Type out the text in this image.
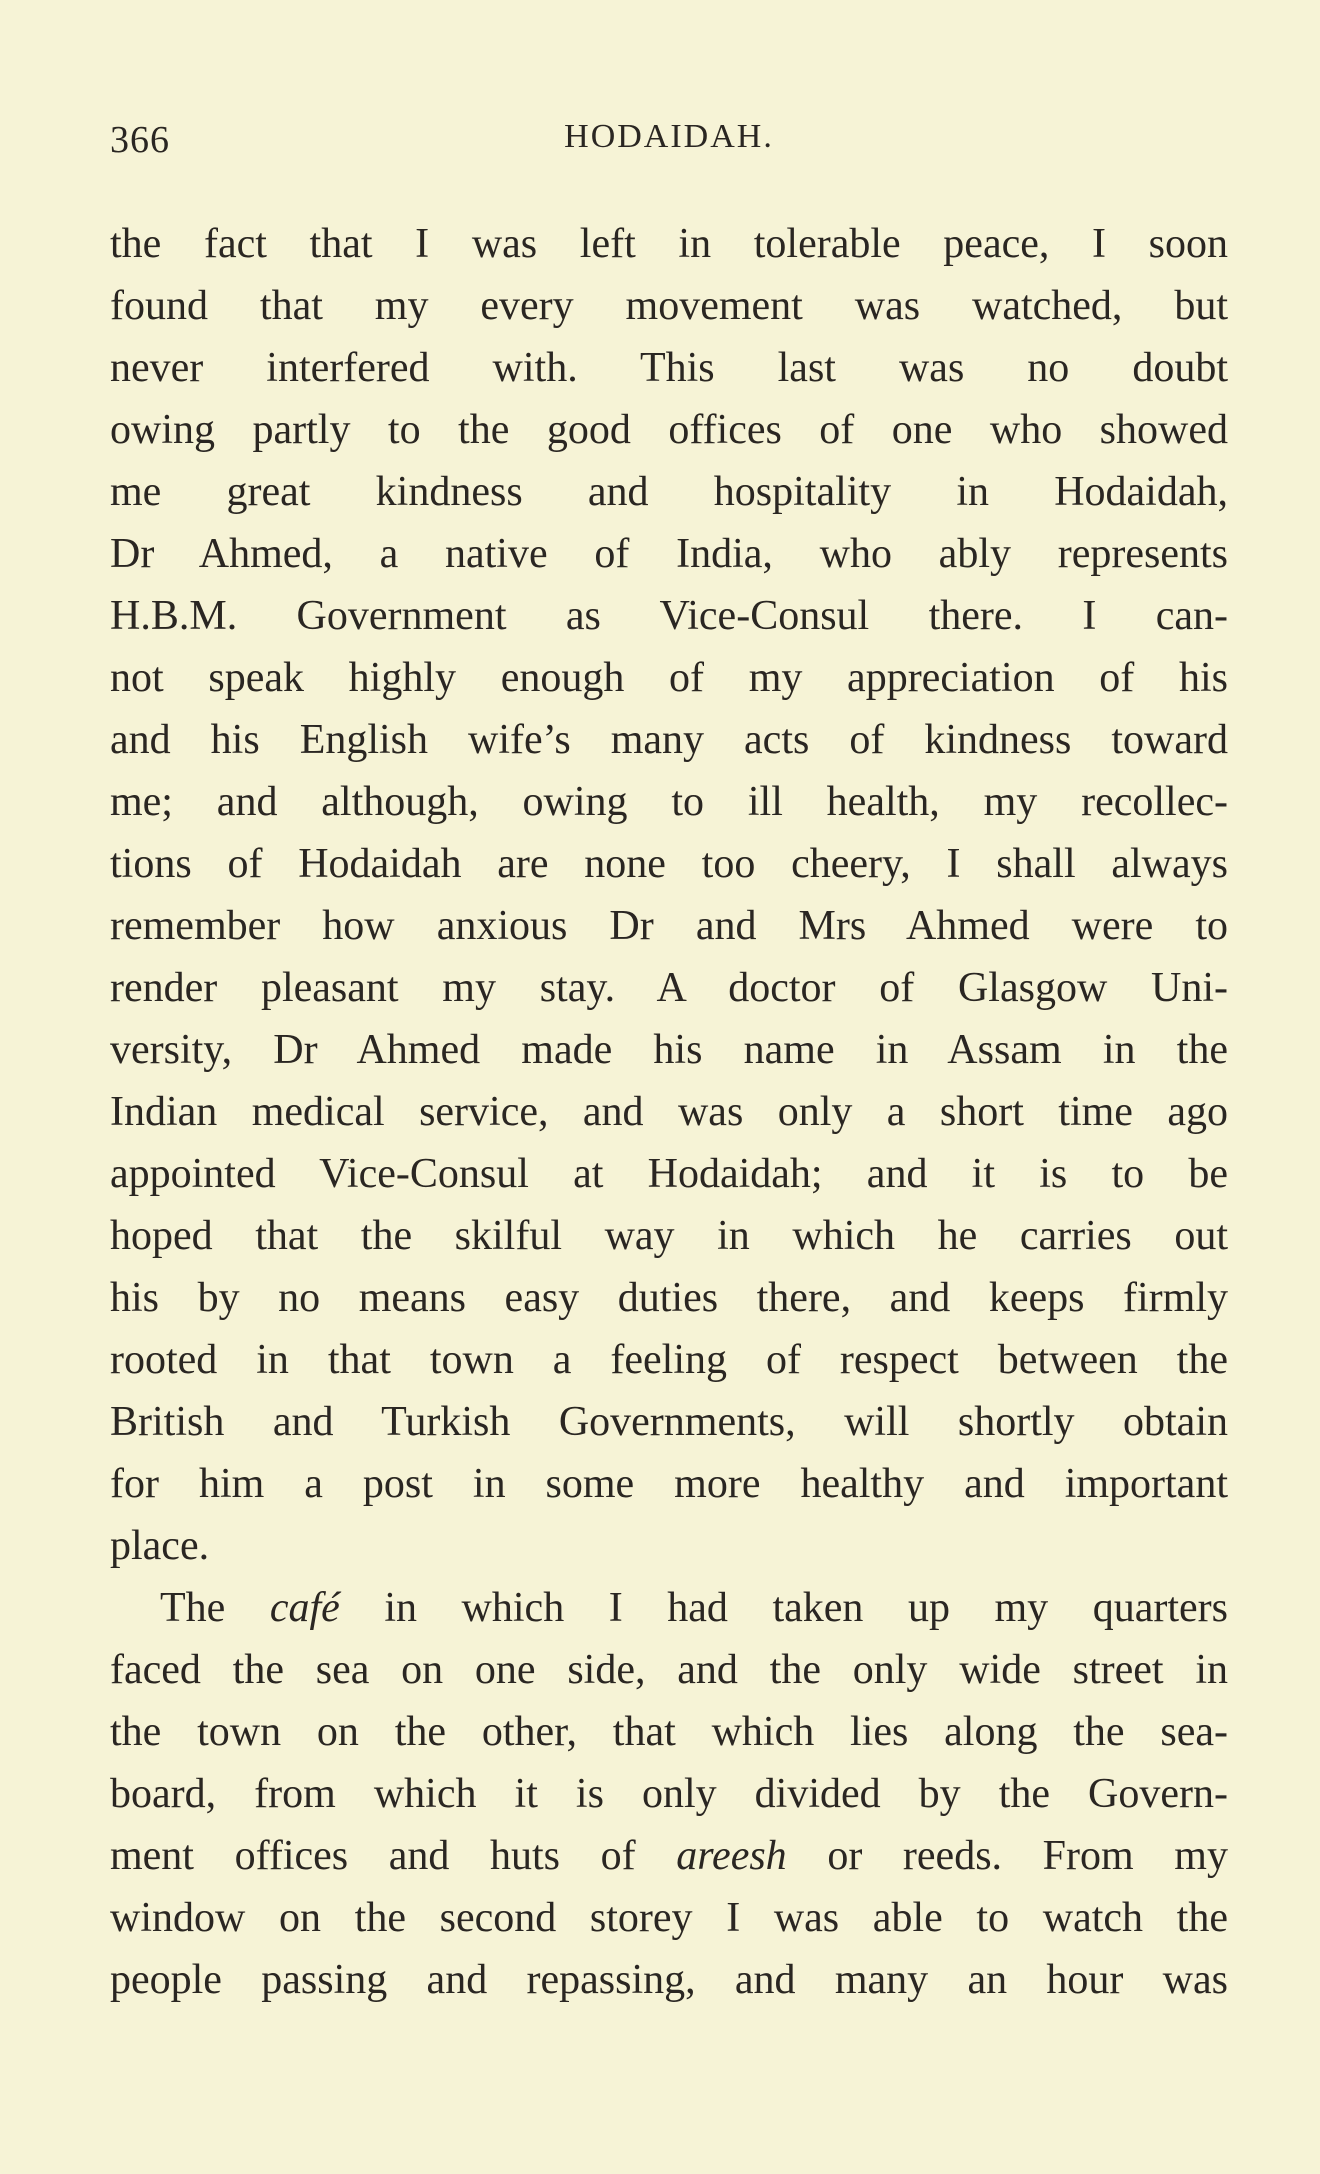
366	HODAIDAH.
the fact that I was left in tolerable peace, I soon
found that my every movement was watched, but
never interfered with. This last was no doubt
owing partly to the good offices of one who showed
me great kindness and hospitality in Hodaidah,
Dr Ahmed, a native of India, who ably represents
H.B.M. Government as Vice-Consul there. I can-
not speak highly enough of my appreciation of his
and his English wife’s many acts of kindness toward
me; and although, owing to ill health, my recollec-
tions of Hodaidah are none too cheery, I shall always
remember how anxious Dr and Mrs Ahmed were to
render pleasant my stay. A doctor of Glasgow Uni-
versity, Dr Ahmed made his name in Assam in the
Indian medical service, and was only a short time ago
appointed Vice-Consul at Hodaidah; and it is to be
hoped that the skilful way in which he carries out
his by no means easy duties there, and keeps firmly
rooted in that town a feeling of respect between the
British and Turkish Governments, will shortly obtain
for him a post in some more healthy and important
place.
The café in which I had taken up my quarters
faced the sea on one side, and the only wide street in
the town on the other, that which lies along the sea-
board, from which it is only divided by the Govern-
ment offices and huts of areesh or reeds. From my
window on the second storey I was able to watch the
people passing and repassing, and many an hour was
